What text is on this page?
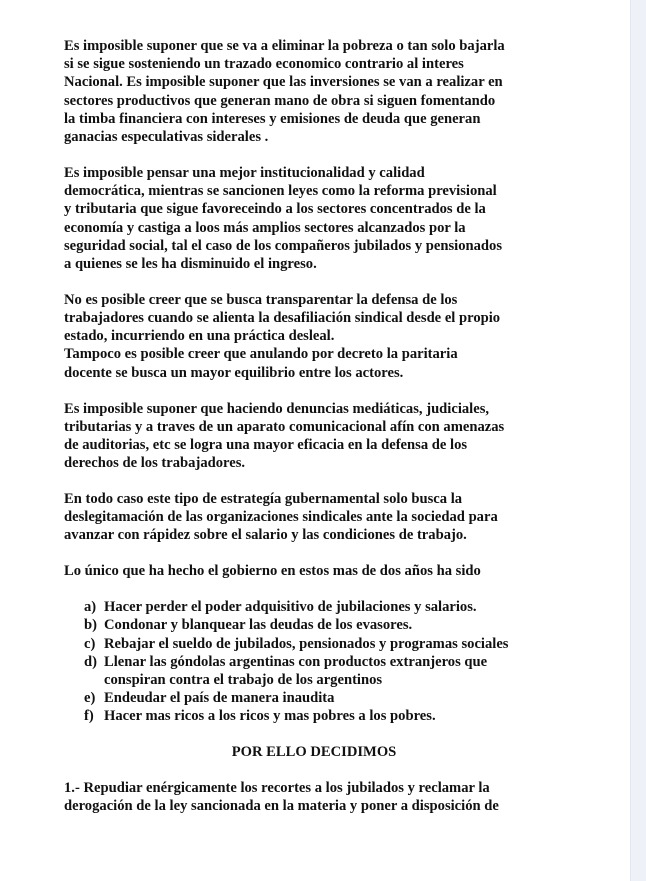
Es imposible suponer que se va a eliminar la pobreza o tan solo bajarla
si se sigue sosteniendo un trazado economico contrario al interes
Nacional. Es imposible suponer que las inversiones se van a realizar en
sectores productivos que generan mano de obra si siguen fomentando
la timba financiera con intereses y emisiones de deuda que generan
ganacias especulativas siderales .

Es imposible pensar una mejor institucionalidad y calidad
democrática, mientras se sancionen leyes como la reforma previsional
y tributaria que sigue favoreceindo a los sectores concentrados de la
economía y castiga a loos más amplios sectores alcanzados por la
seguridad social, tal el caso de los compañeros jubilados y pensionados
a quienes se les ha disminuido el ingreso.

No es posible creer que se busca transparentar la defensa de los
trabajadores cuando se alienta la desafiliación sindical desde el propio
estado, incurriendo en una práctica desleal.
Tampoco es posible creer que anulando por decreto la paritaria
docente se busca un mayor equilibrio entre los actores.

Es imposible suponer que haciendo denuncias mediáticas, judiciales,
tributarias y a traves de un aparato comunicacional afín con amenazas
de auditorias, etc se logra una mayor eficacia en la defensa de los
derechos de los trabajadores.

En todo caso este tipo de estrategía gubernamental solo busca la
deslegitamación de las organizaciones sindicales ante la sociedad para
avanzar con rápidez sobre el salario y las condiciones de trabajo.

Lo único que ha hecho el gobierno en estos mas de dos años ha sido

a) Hacer perder el poder adquisitivo de jubilaciones y salarios.
b) Condonar y blanquear las deudas de los evasores.
c) Rebajar el sueldo de jubilados, pensionados y programas sociales
d) Llenar las góndolas argentinas con productos extranjeros que
conspiran contra el trabajo de los argentinos
e) Endeudar el país de manera inaudita
f) Hacer mas ricos a los ricos y mas pobres a los pobres.
POR ELLO DECIDIMOS

1.- Repudiar enérgicamente los recortes a los jubilados y reclamar la
derogación de la ley sancionada en la materia y poner a disposición de
